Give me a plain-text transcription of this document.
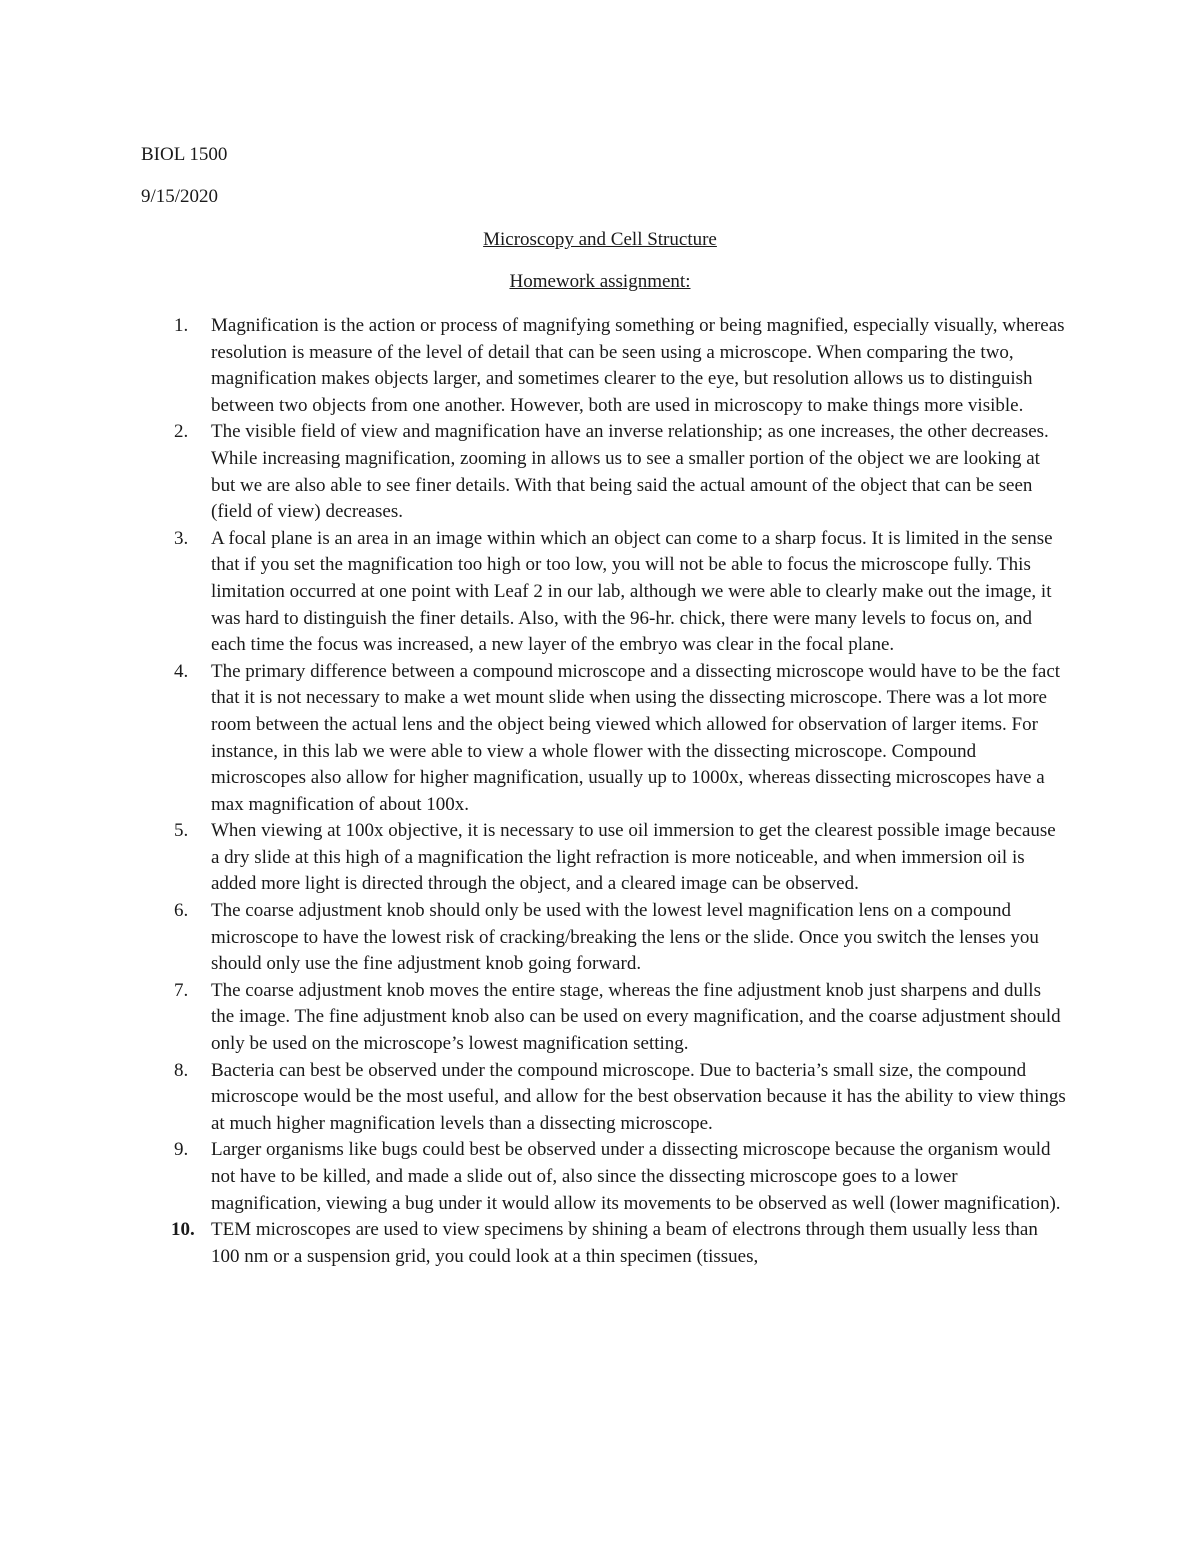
BIOL 1500
9/15/2020
Microscopy and Cell Structure
Homework assignment:
1.	Magnification is the action or process of magnifying something or being magnified, especially visually, whereas resolution is measure of the level of detail that can be seen using a microscope. When comparing the two, magnification makes objects larger, and sometimes clearer to the eye, but resolution allows us to distinguish between two objects from one another. However, both are used in microscopy to make things more visible.
2.	The visible field of view and magnification have an inverse relationship; as one increases, the other decreases. While increasing magnification, zooming in allows us to see a smaller portion of the object we are looking at but we are also able to see finer details. With that being said the actual amount of the object that can be seen (field of view) decreases.
3.	A focal plane is an area in an image within which an object can come to a sharp focus. It is limited in the sense that if you set the magnification too high or too low, you will not be able to focus the microscope fully. This limitation occurred at one point with Leaf 2 in our lab, although we were able to clearly make out the image, it was hard to distinguish the finer details. Also, with the 96-hr. chick, there were many levels to focus on, and each time the focus was increased, a new layer of the embryo was clear in the focal plane.
4.	The primary difference between a compound microscope and a dissecting microscope would have to be the fact that it is not necessary to make a wet mount slide when using the dissecting microscope. There was a lot more room between the actual lens and the object being viewed which allowed for observation of larger items. For instance, in this lab we were able to view a whole flower with the dissecting microscope. Compound microscopes also allow for higher magnification, usually up to 1000x, whereas dissecting microscopes have a max magnification of about 100x.
5.	When viewing at 100x objective, it is necessary to use oil immersion to get the clearest possible image because a dry slide at this high of a magnification the light refraction is more noticeable, and when immersion oil is added more light is directed through the object, and a cleared image can be observed.
6.	The coarse adjustment knob should only be used with the lowest level magnification lens on a compound microscope to have the lowest risk of cracking/breaking the lens or the slide. Once you switch the lenses you should only use the fine adjustment knob going forward.
7.	The coarse adjustment knob moves the entire stage, whereas the fine adjustment knob just sharpens and dulls the image. The fine adjustment knob also can be used on every magnification, and the coarse adjustment should only be used on the microscope’s lowest magnification setting.
8.	Bacteria can best be observed under the compound microscope. Due to bacteria’s small size, the compound microscope would be the most useful, and allow for the best observation because it has the ability to view things at much higher magnification levels than a dissecting microscope.
9.	Larger organisms like bugs could best be observed under a dissecting microscope because the organism would not have to be killed, and made a slide out of, also since the dissecting microscope goes to a lower magnification, viewing a bug under it would allow its movements to be observed as well (lower magnification).
10. TEM microscopes are used to view specimens by shining a beam of electrons through them usually less than 100 nm or a suspension grid, you could look at a thin specimen (tissues,
